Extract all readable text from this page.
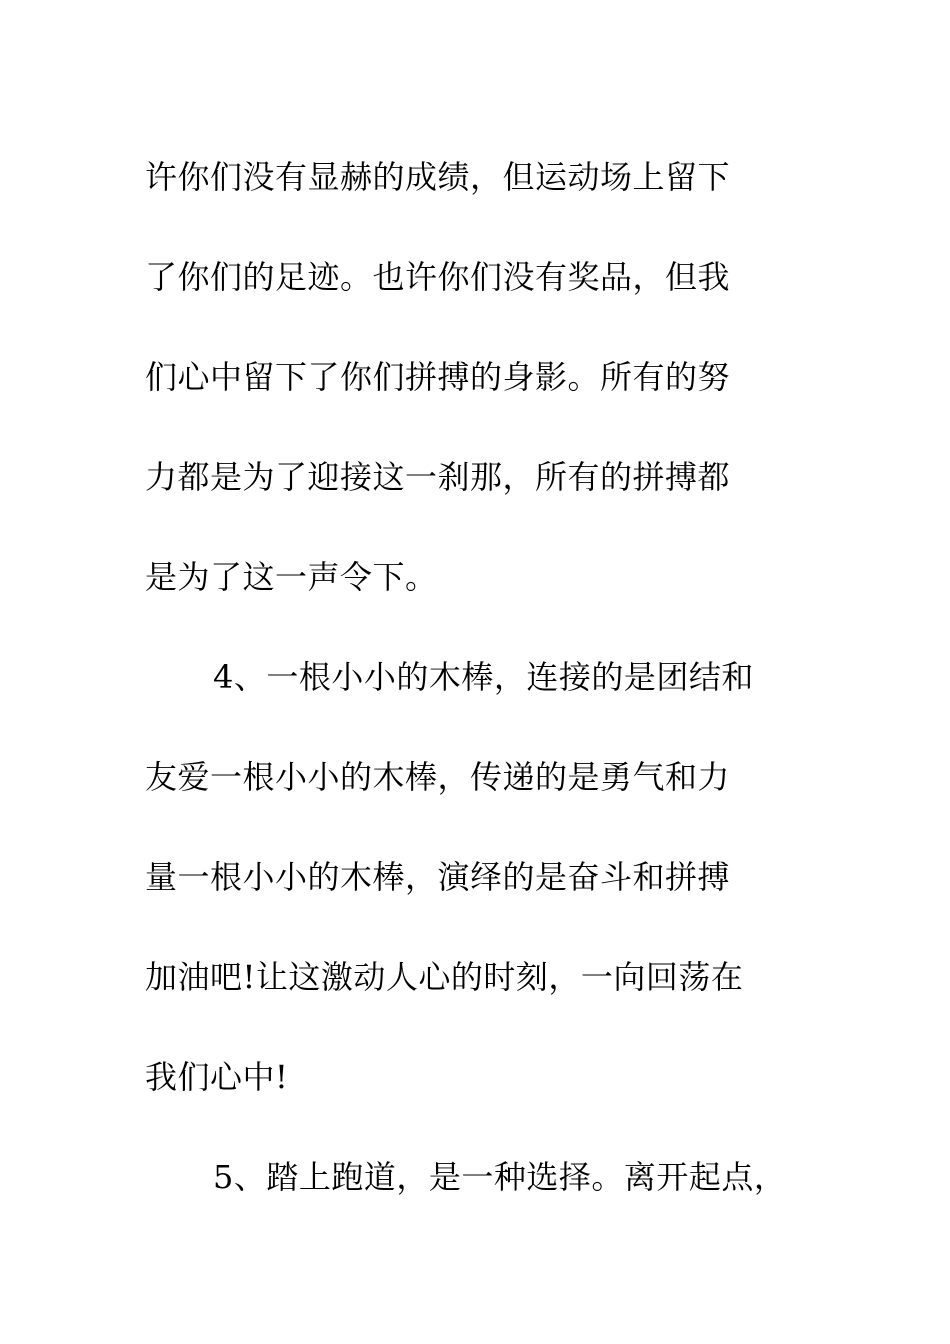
许你们没有显赫的成绩，但运动场上留下
了你们的足迹。也许你们没有奖品，但我
们心中留下了你们拼搏的身影。所有的努
力都是为了迎接这一刹那，所有的拼搏都
是为了这一声令下。
4、一根小小的木棒，连接的是团结和
友爱一根小小的木棒，传递的是勇气和力
量一根小小的木棒，演绎的是奋斗和拼搏
加油吧!让这激动人心的时刻，一向回荡在
我们心中!
5、踏上跑道，是一种选择。离开起点，
